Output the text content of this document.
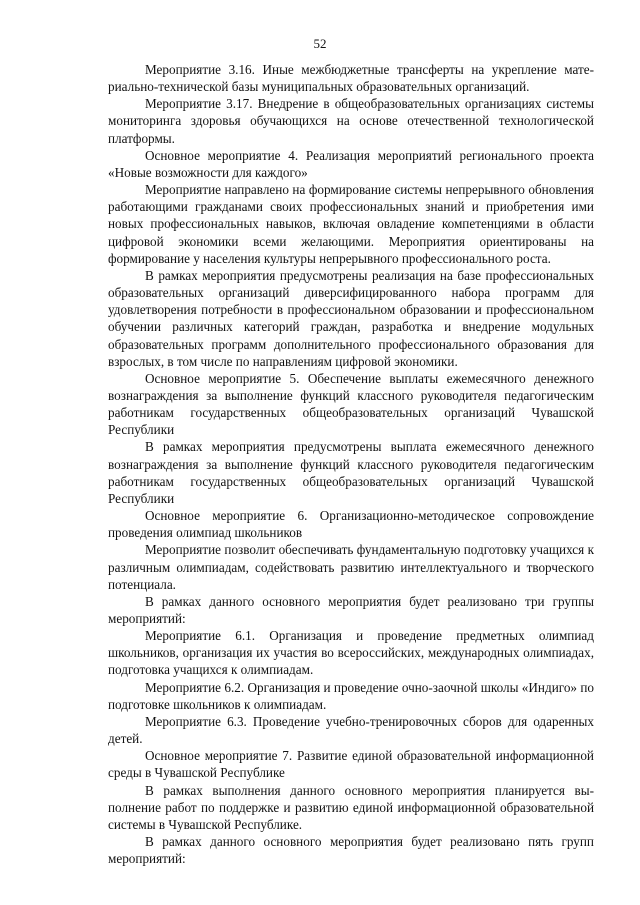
52

Мероприятие 3.16. Иные межбюджетные трансферты на укрепление материально-технической базы муниципальных образовательных организаций.

Мероприятие 3.17. Внедрение в общеобразовательных организациях системы мониторинга здоровья обучающихся на основе отечественной технологической платформы.

Основное мероприятие 4. Реализация мероприятий регионального проекта «Новые возможности для каждого»

Мероприятие направлено на формирование системы непрерывного обновления работающими гражданами своих профессиональных знаний и приобретения ими новых профессиональных навыков, включая овладение компетенциями в области цифровой экономики всеми желающими. Мероприятия ориентированы на формирование у населения культуры непрерывного профессионального роста.

В рамках мероприятия предусмотрены реализация на базе профессиональных образовательных организаций диверсифицированного набора программ для удовлетворения потребности в профессиональном образовании и профессиональном обучении различных категорий граждан, разработка и внедрение модульных образовательных программ дополнительного профессионального образования для взрослых, в том числе по направлениям цифровой экономики.

Основное мероприятие 5. Обеспечение выплаты ежемесячного денежного вознаграждения за выполнение функций классного руководителя педагогическим работникам государственных общеобразовательных организаций Чувашской Республики

В рамках мероприятия предусмотрены выплата ежемесячного денежного вознаграждения за выполнение функций классного руководителя педагогическим работникам государственных общеобразовательных организаций Чувашской Республики

Основное мероприятие 6. Организационно-методическое сопровождение проведения олимпиад школьников

Мероприятие позволит обеспечивать фундаментальную подготовку учащихся к различным олимпиадам, содействовать развитию интеллектуального и творческого потенциала.

В рамках данного основного мероприятия будет реализовано три группы мероприятий:

Мероприятие 6.1. Организация и проведение предметных олимпиад школьников, организация их участия во всероссийских, международных олимпиадах, подготовка учащихся к олимпиадам.

Мероприятие 6.2. Организация и проведение очно-заочной школы «Индиго» по подготовке школьников к олимпиадам.

Мероприятие 6.3. Проведение учебно-тренировочных сборов для одаренных детей.

Основное мероприятие 7. Развитие единой образовательной информационной среды в Чувашской Республике

В рамках выполнения данного основного мероприятия планируется выполнение работ по поддержке и развитию единой информационной образовательной системы в Чувашской Республике.

В рамках данного основного мероприятия будет реализовано пять групп мероприятий:
